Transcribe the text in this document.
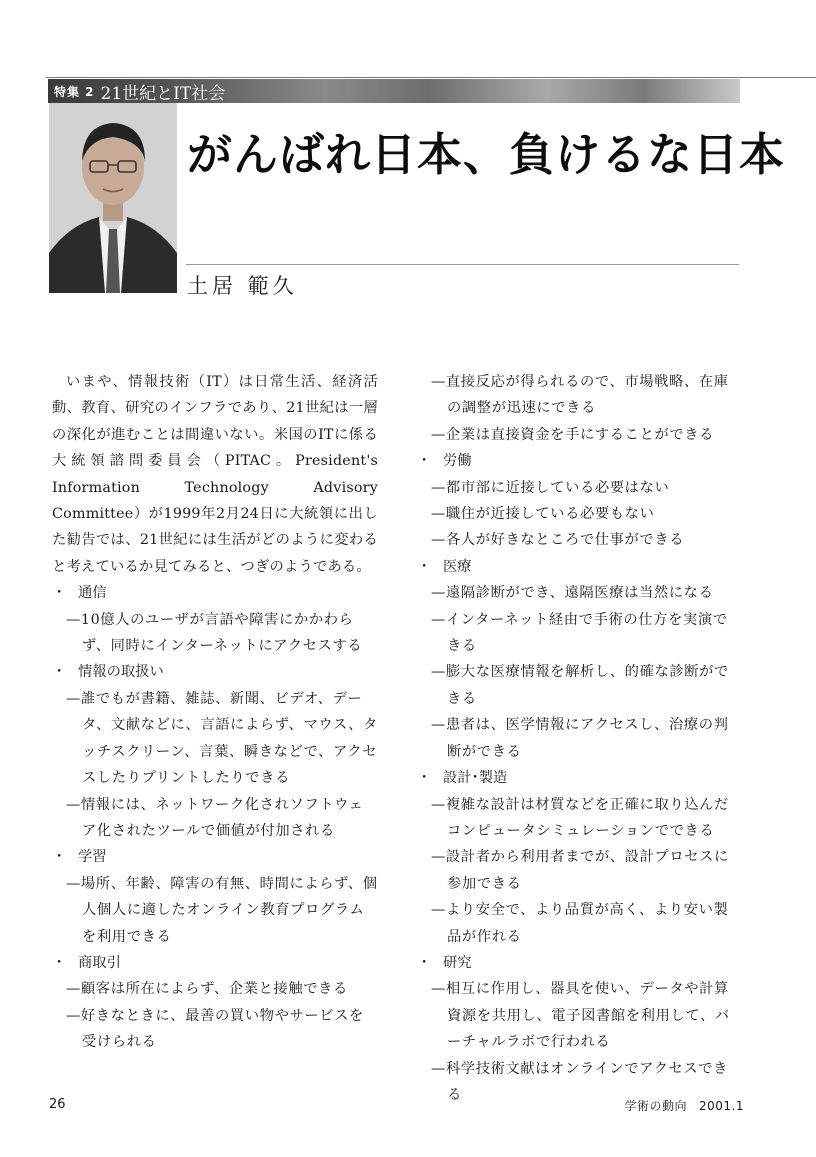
特集 2 21世紀とIT社会
がんばれ日本、負けるな日本
土居 範久

いまや、情報技術（IT）は日常生活、経済活動、教育、研究のインフラであり、21世紀は一層の深化が進むことは間違いない。米国のITに係る大統領諮問委員会（PITAC。President's Information Technology Advisory Committee）が1999年2月24日に大統領に出した勧告では、21世紀には生活がどのように変わると考えているか見てみると、つぎのようである。

・ 通信

— 10億人のユーザが言語や障害にかかわらず、同時にインターネットにアクセスする

・ 情報の取扱い

— 誰でもが書籍、雑誌、新聞、ビデオ、データ、文献などに、言語によらず、マウス、タッチスクリーン、言葉、瞬きなどで、アクセスしたりプリントしたりできる

— 情報には、ネットワーク化されソフトウェア化されたツールで価値が付加される

・ 学習

— 場所、年齢、障害の有無、時間によらず、個人個人に適したオンライン教育プログラムを利用できる

・ 商取引

— 顧客は所在によらず、企業と接触できる

— 好きなときに、最善の買い物やサービスを受けられる

— 直接反応が得られるので、市場戦略、在庫の調整が迅速にできる

— 企業は直接資金を手にすることができる

・ 労働

— 都市部に近接している必要はない

— 職住が近接している必要もない

— 各人が好きなところで仕事ができる

・ 医療

— 遠隔診断ができ、遠隔医療は当然になる

— インターネット経由で手術の仕方を実演できる

— 膨大な医療情報を解析し、的確な診断ができる

— 患者は、医学情報にアクセスし、治療の判断ができる

・ 設計･製造

— 複雑な設計は材質などを正確に取り込んだコンピュータシミュレーションでできる

— 設計者から利用者までが、設計プロセスに参加できる

— より安全で、より品質が高く、より安い製品が作れる

・ 研究

— 相互に作用し、器具を使い、データや計算資源を共用し、電子図書館を利用して、バーチャルラボで行われる

— 科学技術文献はオンラインでアクセスできる

26	学術の動向 2001.1
